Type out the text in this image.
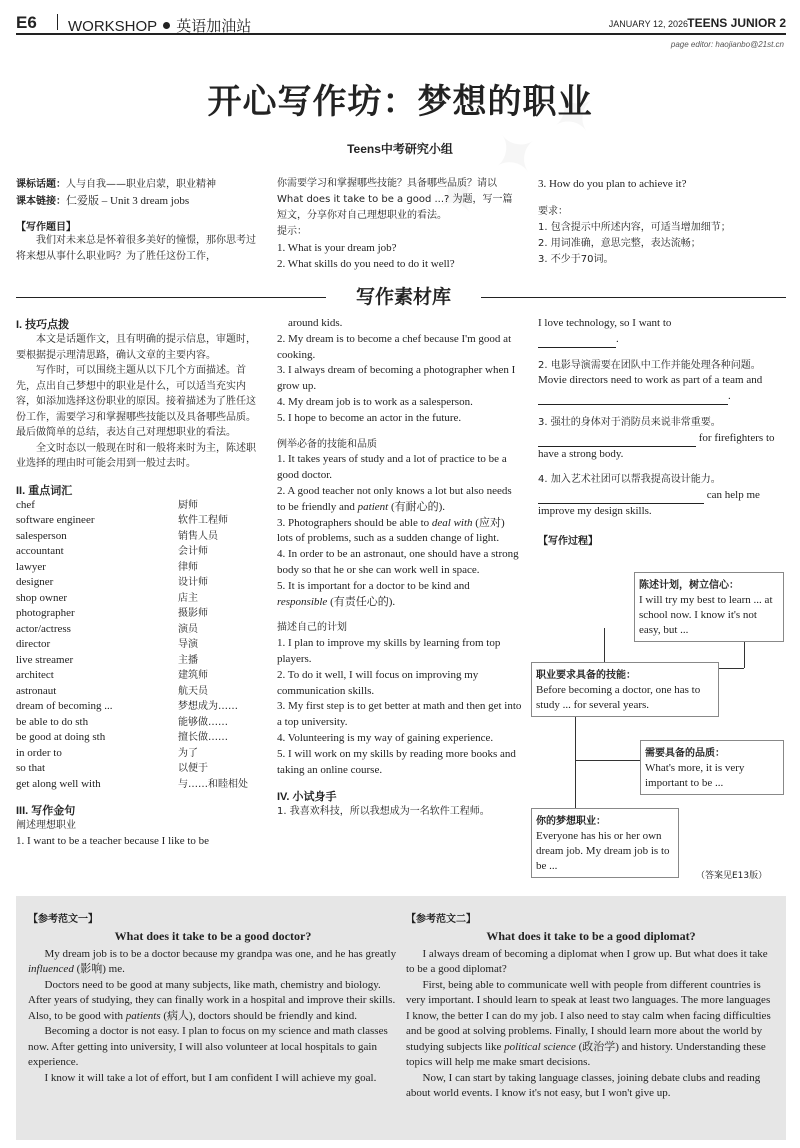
E6 WORKSHOP 英语加油站	JANUARY 12, 2026 TEENS JUNIOR 2
page editor: haojianbo@21st.cn
开心写作坊：梦想的职业
Teens中考研究小组

课标话题：人与自我——职业启蒙，职业精神

课本链接：仁爱版 – Unit 3 dream jobs

【写作题目】

我们对未来总是怀着很多美好的憧憬，那你思考过将来想从事什么职业吗？为了胜任这份工作，

你需要学习和掌握哪些技能？具备哪些品质？请以 What does it take to be a good ...? 为题，写一篇短文，分享你对自己理想职业的看法。

提示：

1. What is your dream job?

2. What skills do you need to do it well?

3. How do you plan to achieve it?

要求：

1. 包含提示中所述内容，可适当增加细节；

2. 用词准确，意思完整，表达流畅；

3. 不少于70词。

写作素材库

I. 技巧点拨

本文是话题作文，且有明确的提示信息，审题时，要根据提示理清思路，确认文章的主要内容。

写作时，可以围绕主题从以下几个方面描述。首先，点出自己梦想中的职业是什么，可以适当充实内容，如添加选择这份职业的原因。接着描述为了胜任这份工作，需要学习和掌握哪些技能以及具备哪些品质。最后做简单的总结，表达自己对理想职业的看法。

全文时态以一般现在时和一般将来时为主，陈述职业选择的理由时可能会用到一般过去时。

II. 重点词汇

chef	厨师
software engineer	软件工程师
salesperson	销售人员
accountant	会计师
lawyer	律师
designer	设计师
shop owner	店主
photographer	摄影师
actor/actress	演员
director	导演
live streamer	主播
architect	建筑师
astronaut	航天员
dream of becoming ...	梦想成为……
be able to do sth	能够做……
be good at doing sth	擅长做……
in order to	为了
so that	以便于
get along well with	与……和睦相处

III. 写作金句

阐述理想职业

1. I want to be a teacher because I like to be

around kids.

2. My dream is to become a chef because I'm good at cooking.

3. I always dream of becoming a photographer when I grow up.

4. My dream job is to work as a salesperson.

5. I hope to become an actor in the future.

例举必备的技能和品质

1. It takes years of study and a lot of practice to be a good doctor.

2. A good teacher not only knows a lot but also needs to be friendly and patient (有耐心的).

3. Photographers should be able to deal with (应对) lots of problems, such as a sudden change of light.

4. In order to be an astronaut, one should have a strong body so that he or she can work well in space.

5. It is important for a doctor to be kind and responsible (有责任心的).

描述自己的计划

1. I plan to improve my skills by learning from top players.

2. To do it well, I will focus on improving my communication skills.

3. My first step is to get better at math and then get into a top university.

4. Volunteering is my way of gaining experience.

5. I will work on my skills by reading more books and taking an online course.

IV. 小试身手

1. 我喜欢科技，所以我想成为一名软件工程师。

I love technology, so I want to

.

2. 电影导演需要在团队中工作并能处理各种问题。

Movie directors need to work as part of a team and .

3. 强壮的身体对于消防员来说非常重要。

for firefighters to have a strong body.

4. 加入艺术社团可以帮我提高设计能力。

can help me improve my design skills.

【写作过程】

陈述计划，树立信心：
I will try my best to learn ... at school now. I know it's not easy, but ...
职业要求具备的技能：
Before becoming a doctor, one has to study ... for several years.
需要具备的品质：
What's more, it is very important to be ...
你的梦想职业：
Everyone has his or her own dream job. My dream job is to be ...
（答案见E13版）

【参考范文一】

What does it take to be a good doctor?

My dream job is to be a doctor because my grandpa was one, and he has greatly influenced (影响) me.

Doctors need to be good at many subjects, like math, chemistry and biology. After years of studying, they can finally work in a hospital and improve their skills. Also, to be good with patients (病人), doctors should be friendly and kind.

Becoming a doctor is not easy. I plan to focus on my science and math classes now. After getting into university, I will also volunteer at local hospitals to gain experience.

I know it will take a lot of effort, but I am confident I will achieve my goal.

【参考范文二】

What does it take to be a good diplomat?

I always dream of becoming a diplomat when I grow up. But what does it take to be a good diplomat?

First, being able to communicate well with people from different countries is very important. I should learn to speak at least two languages. The more languages I know, the better I can do my job. I also need to stay calm when facing difficulties and be good at solving problems. Finally, I should learn more about the world by studying subjects like political science (政治学) and history. Understanding these topics will help me make smart decisions.

Now, I can start by taking language classes, joining debate clubs and reading about world events. I know it's not easy, but I won't give up.
